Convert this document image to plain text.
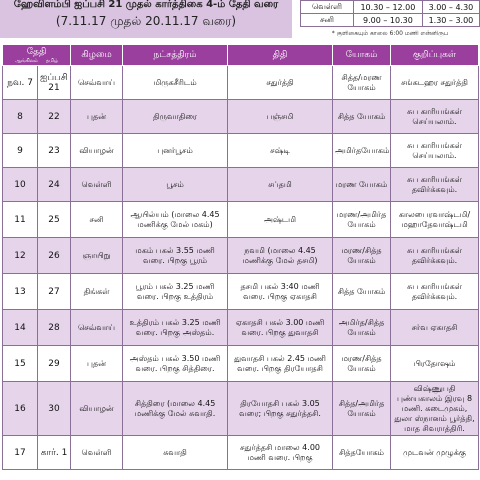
ஹேவிளம்பி ஐப்பசி 21 முதல் கார்த்திகை 4-ம் தேதி வரை
(7.11.17 முதல் 20.11.17 வரை)
வெள்ளி	10.30 – 12.00	3.00 – 4.30
சனி	9.00 – 10.30	1.30 – 3.00
* குளிகையும் காலை 6:00 மணி என்னிருப
தேதி
ஆங்கிலம் தமிழ்		கிழமை	நட்சத்திரம்	திதி	யோகம்	குறிப்புகள்
நவ. 7	ஐப்பசி 21	செவ்வாய்	மிருகசீரிடம்	சதுர்த்தி	சித்த/மரண யோகம்	சங்கடஹர சதுர்த்தி
8	22	புதன்	திருவாதிரை	பஞ்சமி	சித்த யோகம்	சுப காரியங்கள் செய்யலாம்.
9	23	வியாழன்	புனர்பூசம்	சஷ்டி	அமிர்தயோகம்	சுப காரியங்கள் செய்யலாம்.
10	24	வெள்ளி	பூசம்	சப்தமி	மரண யோகம்	சுப காரியங்கள் தவிர்க்கவும்.
11	25	சனி	ஆயில்யம் (மாலை 4.45 மணிக்கு மேல் மகம்)	அஷ்டமி	மரண/அமிர்த யோகம்	காலபைரவாஷ்டமி/ மஹாதேவாஷ்டமி
12	26	ஞாயிறு	மகம் பகல் 3.55 மணி வரை. பிறகு பூரம்	நவமி (மாலை 4.45 மணிக்கு மேல் தசமி)	மரண/சித்த யோகம்	சுப காரியங்கள் தவிர்க்கவும்.
13	27	திங்கள்	பூரம் பகல் 3.25 மணி வரை. பிறகு உத்திரம்	தசமி பகல் 3:40 மணி வரை. பிறகு ஏகாதசி	சித்த யோகம்	சுப காரியங்கள் தவிர்க்கவும்.
14	28	செவ்வாய்	உத்திரம் பகல் 3.25 மணி வரை. பிறகு அஸ்தம்.	ஏகாதசி பகல் 3.00 மணி வரை. பிறகு துவாதசி	அமிர்த/சித்த யோகம்	சர்வ ஏகாதசி
15	29	புதன்	அஸ்தம் பகல் 3.50 மணி வரை. பிறகு சித்திரை.	துவாதசி பகல் 2.45 மணி வரை. பிறகு திரயோதசி	மரண/சித்த யோகம்	பிரதோஷம்
16	30	வியாழன்	சித்திரை (மாலை 4.45 மணிக்கு மேல் சுவாதி.	திரயோதசி பகல் 3.05 வரை; பிறகு சதுர்த்தசி.	சித்த/அமிர்த யோகம்	விஷ்ணுபதி புண்யகாலம் இரவு 8 மணி. கடைமுகம், துலா ஸ்நானம் பூர்த்தி, மாத சிவராத்திரி.
17	கார். 1	வெள்ளி	சுவாதி	சதுர்த்தசி மாலை 4.00 மணி வரை. பிறகு	சித்தயோகம்	முடவன் முழுக்கு
